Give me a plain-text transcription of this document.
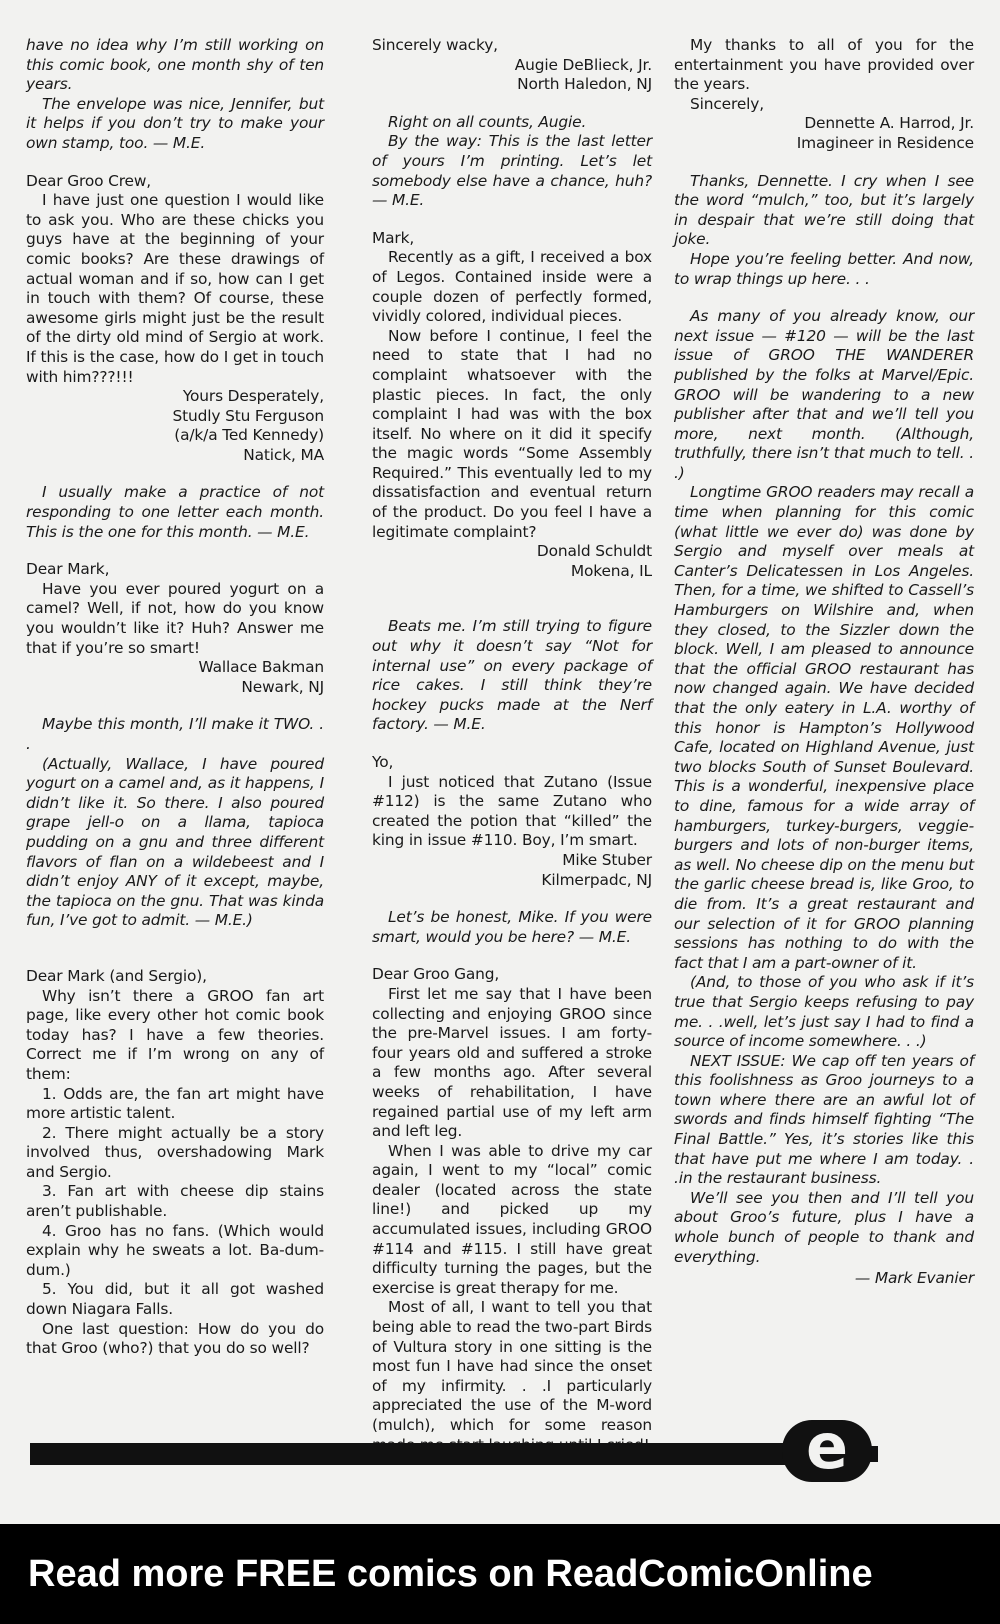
have no idea why I’m still working on this comic book, one month shy of ten years.

The envelope was nice, Jennifer, but it helps if you don’t try to make your own stamp, too. — M.E.

Dear Groo Crew,

I have just one question I would like to ask you. Who are these chicks you guys have at the beginning of your comic books? Are these drawings of actual woman and if so, how can I get in touch with them? Of course, these awesome girls might just be the result of the dirty old mind of Sergio at work. If this is the case, how do I get in touch with him???!!!

Yours Desperately,
Studly Stu Ferguson
(a/k/a Ted Kennedy)
Natick, MA

I usually make a practice of not responding to one letter each month. This is the one for this month. — M.E.

Dear Mark,

Have you ever poured yogurt on a camel? Well, if not, how do you know you wouldn’t like it? Huh? Answer me that if you’re so smart!

Wallace Bakman
Newark, NJ

Maybe this month, I’ll make it TWO. . .

(Actually, Wallace, I have poured yogurt on a camel and, as it happens, I didn’t like it. So there. I also poured grape jell-o on a llama, tapioca pudding on a gnu and three different flavors of flan on a wildebeest and I didn’t enjoy ANY of it except, maybe, the tapioca on the gnu. That was kinda fun, I’ve got to admit. — M.E.)

Dear Mark (and Sergio),

Why isn’t there a GROO fan art page, like every other hot comic book today has? I have a few theories. Correct me if I’m wrong on any of them:

1. Odds are, the fan art might have more artistic talent.

2. There might actually be a story involved thus, overshadowing Mark and Sergio.

3. Fan art with cheese dip stains aren’t publishable.

4. Groo has no fans. (Which would explain why he sweats a lot. Ba-dum-dum.)

5. You did, but it all got washed down Niagara Falls.

One last question: How do you do that Groo (who?) that you do so well?

Sincerely wacky,

Augie DeBlieck, Jr.
North Haledon, NJ

Right on all counts, Augie.

By the way: This is the last letter of yours I’m printing. Let’s let somebody else have a chance, huh? — M.E.

Mark,

Recently as a gift, I received a box of Legos. Contained inside were a couple dozen of perfectly formed, vividly colored, individual pieces.

Now before I continue, I feel the need to state that I had no complaint whatsoever with the plastic pieces. In fact, the only complaint I had was with the box itself. No where on it did it specify the magic words “Some Assembly Required.” This eventually led to my dissatisfaction and eventual return of the product. Do you feel I have a legitimate complaint?

Donald Schuldt
Mokena, IL

Beats me. I’m still trying to figure out why it doesn’t say “Not for internal use” on every package of rice cakes. I still think they’re hockey pucks made at the Nerf factory. — M.E.

Yo,

I just noticed that Zutano (Issue #112) is the same Zutano who created the potion that “killed” the king in issue #110. Boy, I’m smart.

Mike Stuber
Kilmerpadc, NJ

Let’s be honest, Mike. If you were smart, would you be here? — M.E.

Dear Groo Gang,

First let me say that I have been collecting and enjoying GROO since the pre-Marvel issues. I am forty-four years old and suffered a stroke a few months ago. After several weeks of rehabilitation, I have regained partial use of my left arm and left leg.

When I was able to drive my car again, I went to my “local” comic dealer (located across the state line!) and picked up my accumulated issues, including GROO #114 and #115. I still have great difficulty turning the pages, but the exercise is great therapy for me.

Most of all, I want to tell you that being able to read the two-part Birds of Vultura story in one sitting is the most fun I have had since the onset of my infirmity. . .I particularly appreciated the use of the M-word (mulch), which for some reason

My thanks to all of you for the entertainment you have provided over the years.

Sincerely,

Dennette A. Harrod, Jr.
Imagineer in Residence

Thanks, Dennette. I cry when I see the word “mulch,” too, but it’s largely in despair that we’re still doing that joke.

Hope you’re feeling better. And now, to wrap things up here. . .

As many of you already know, our next issue — #120 — will be the last issue of GROO THE WANDERER published by the folks at Marvel/Epic. GROO will be wandering to a new publisher after that and we’ll tell you more, next month. (Although, truthfully, there isn’t that much to tell. . .)

Longtime GROO readers may recall a time when planning for this comic (what little we ever do) was done by Sergio and myself over meals at Canter’s Delicatessen in Los Angeles. Then, for a time, we shifted to Cassell’s Hamburgers on Wilshire and, when they closed, to the Sizzler down the block. Well, I am pleased to announce that the official GROO restaurant has now changed again. We have decided that the only eatery in L.A. worthy of this honor is Hampton’s Hollywood Cafe, located on Highland Avenue, just two blocks South of Sunset Boulevard. This is a wonderful, inexpensive place to dine, famous for a wide array of hamburgers, turkey-burgers, veggie-burgers and lots of non-burger items, as well. No cheese dip on the menu but the garlic cheese bread is, like Groo, to die from. It’s a great restaurant and our selection of it for GROO planning sessions has nothing to do with the fact that I am a part-owner of it.

(And, to those of you who ask if it’s true that Sergio keeps refusing to pay me. . .well, let’s just say I had to find a source of income somewhere. . .)

NEXT ISSUE: We cap off ten years of this foolishness as Groo journeys to a town where there are an awful lot of swords and finds himself fighting “The Final Battle.” Yes, it’s stories like this that have put me where I am today. . .in the restaurant business.

We’ll see you then and I’ll tell you about Groo’s future, plus I have a whole bunch of people to thank and everything.

— Mark Evanier
e
Read more FREE comics on ReadComicOnline
